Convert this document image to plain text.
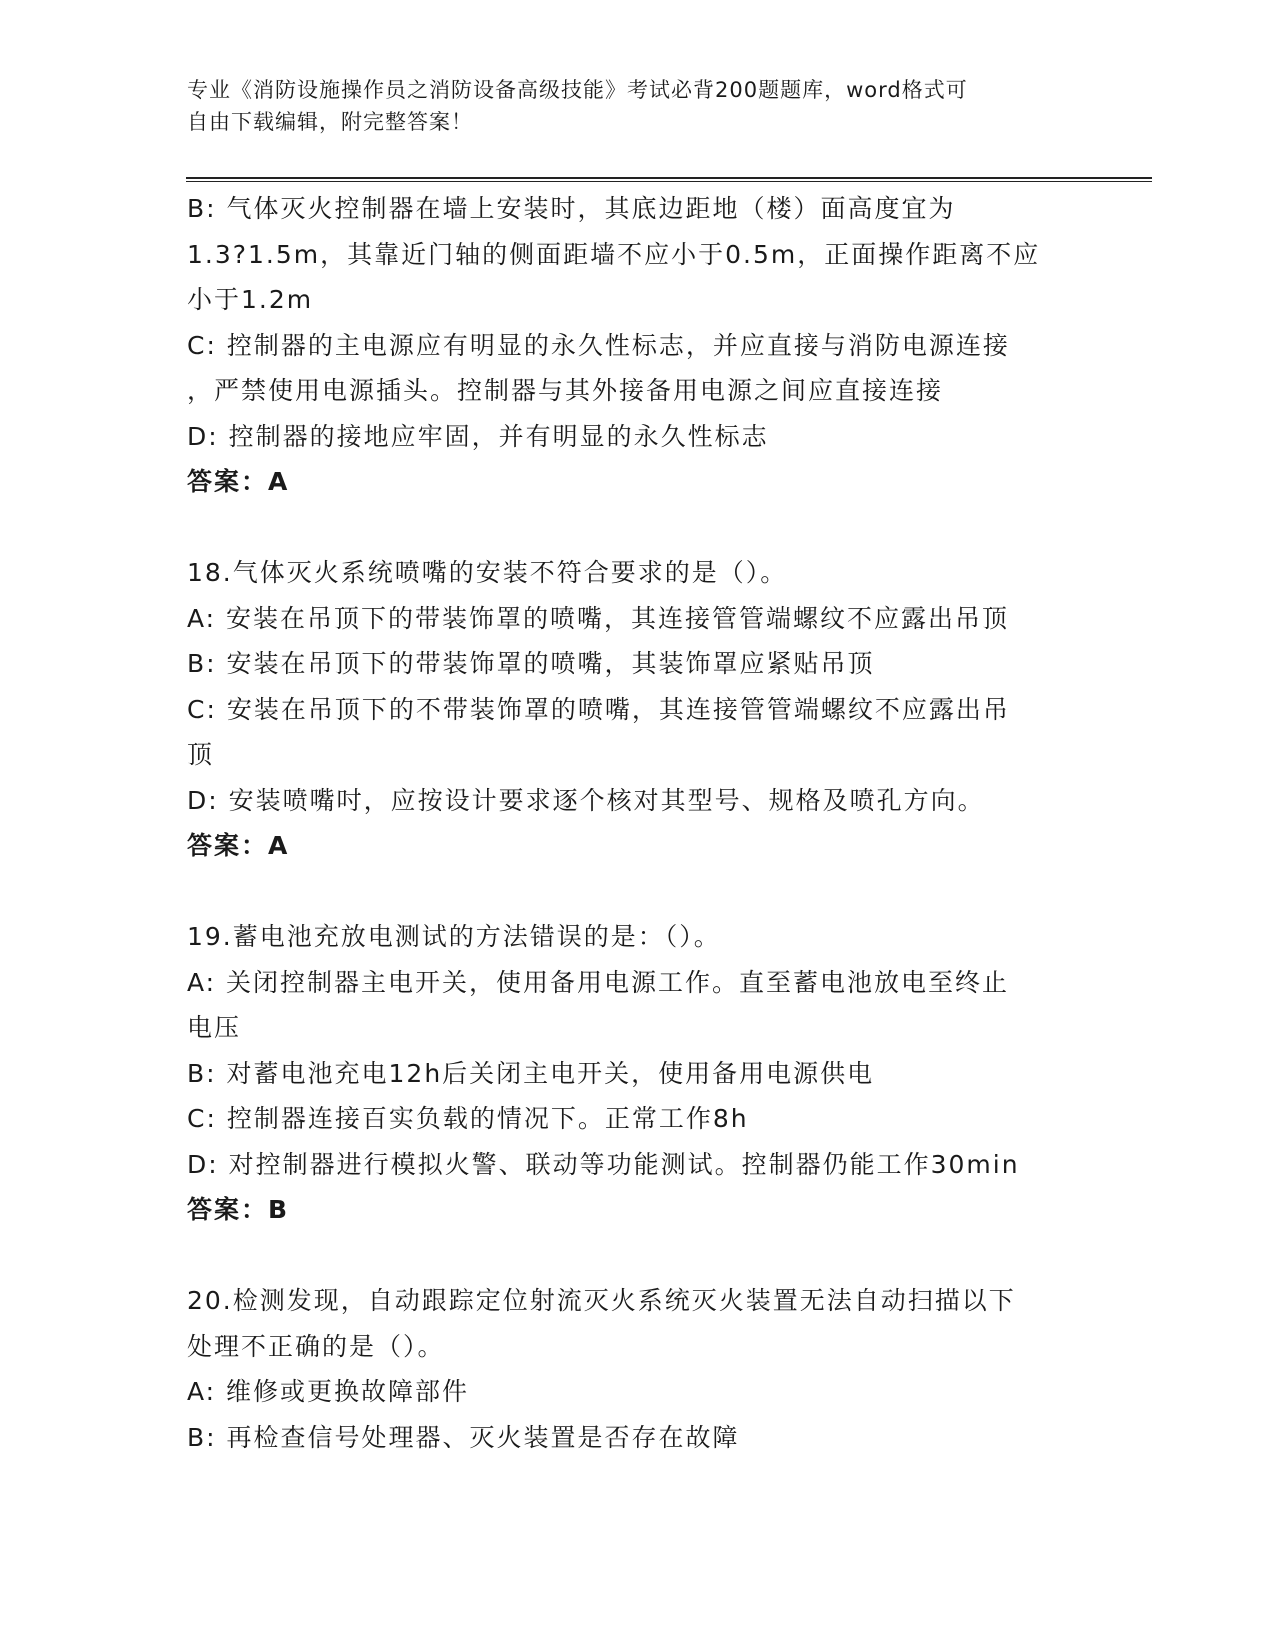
专业《消防设施操作员之消防设备高级技能》考试必背200题题库，word格式可
自由下载编辑，附完整答案！
B: 气体灭火控制器在墙上安装时，其底边距地（楼）面高度宜为
1.3?1.5m，其靠近门轴的侧面距墙不应小于0.5m，正面操作距离不应
小于1.2m
C: 控制器的主电源应有明显的永久性标志，并应直接与消防电源连接
，严禁使用电源插头。控制器与其外接备用电源之间应直接连接
D: 控制器的接地应牢固，并有明显的永久性标志
答案：A
18.气体灭火系统喷嘴的安装不符合要求的是（）。
A: 安装在吊顶下的带装饰罩的喷嘴，其连接管管端螺纹不应露出吊顶
B: 安装在吊顶下的带装饰罩的喷嘴，其装饰罩应紧贴吊顶
C: 安装在吊顶下的不带装饰罩的喷嘴，其连接管管端螺纹不应露出吊
顶
D: 安装喷嘴吋，应按设计要求逐个核对其型号、规格及喷孔方向。
答案：A
19.蓄电池充放电测试的方法错误的是：（）。
A: 关闭控制器主电开关，使用备用电源工作。直至蓄电池放电至终止
电压
B: 对蓄电池充电12h后关闭主电开关，使用备用电源供电
C: 控制器连接百实负载的情况下。正常工作8h
D: 对控制器进行模拟火警、联动等功能测试。控制器仍能工作30min
答案：B
20.检测发现，自动跟踪定位射流灭火系统灭火装置无法自动扫描以下
处理不正确的是（）。
A: 维修或更换故障部件
B: 再检查信号处理器、灭火装置是否存在故障
